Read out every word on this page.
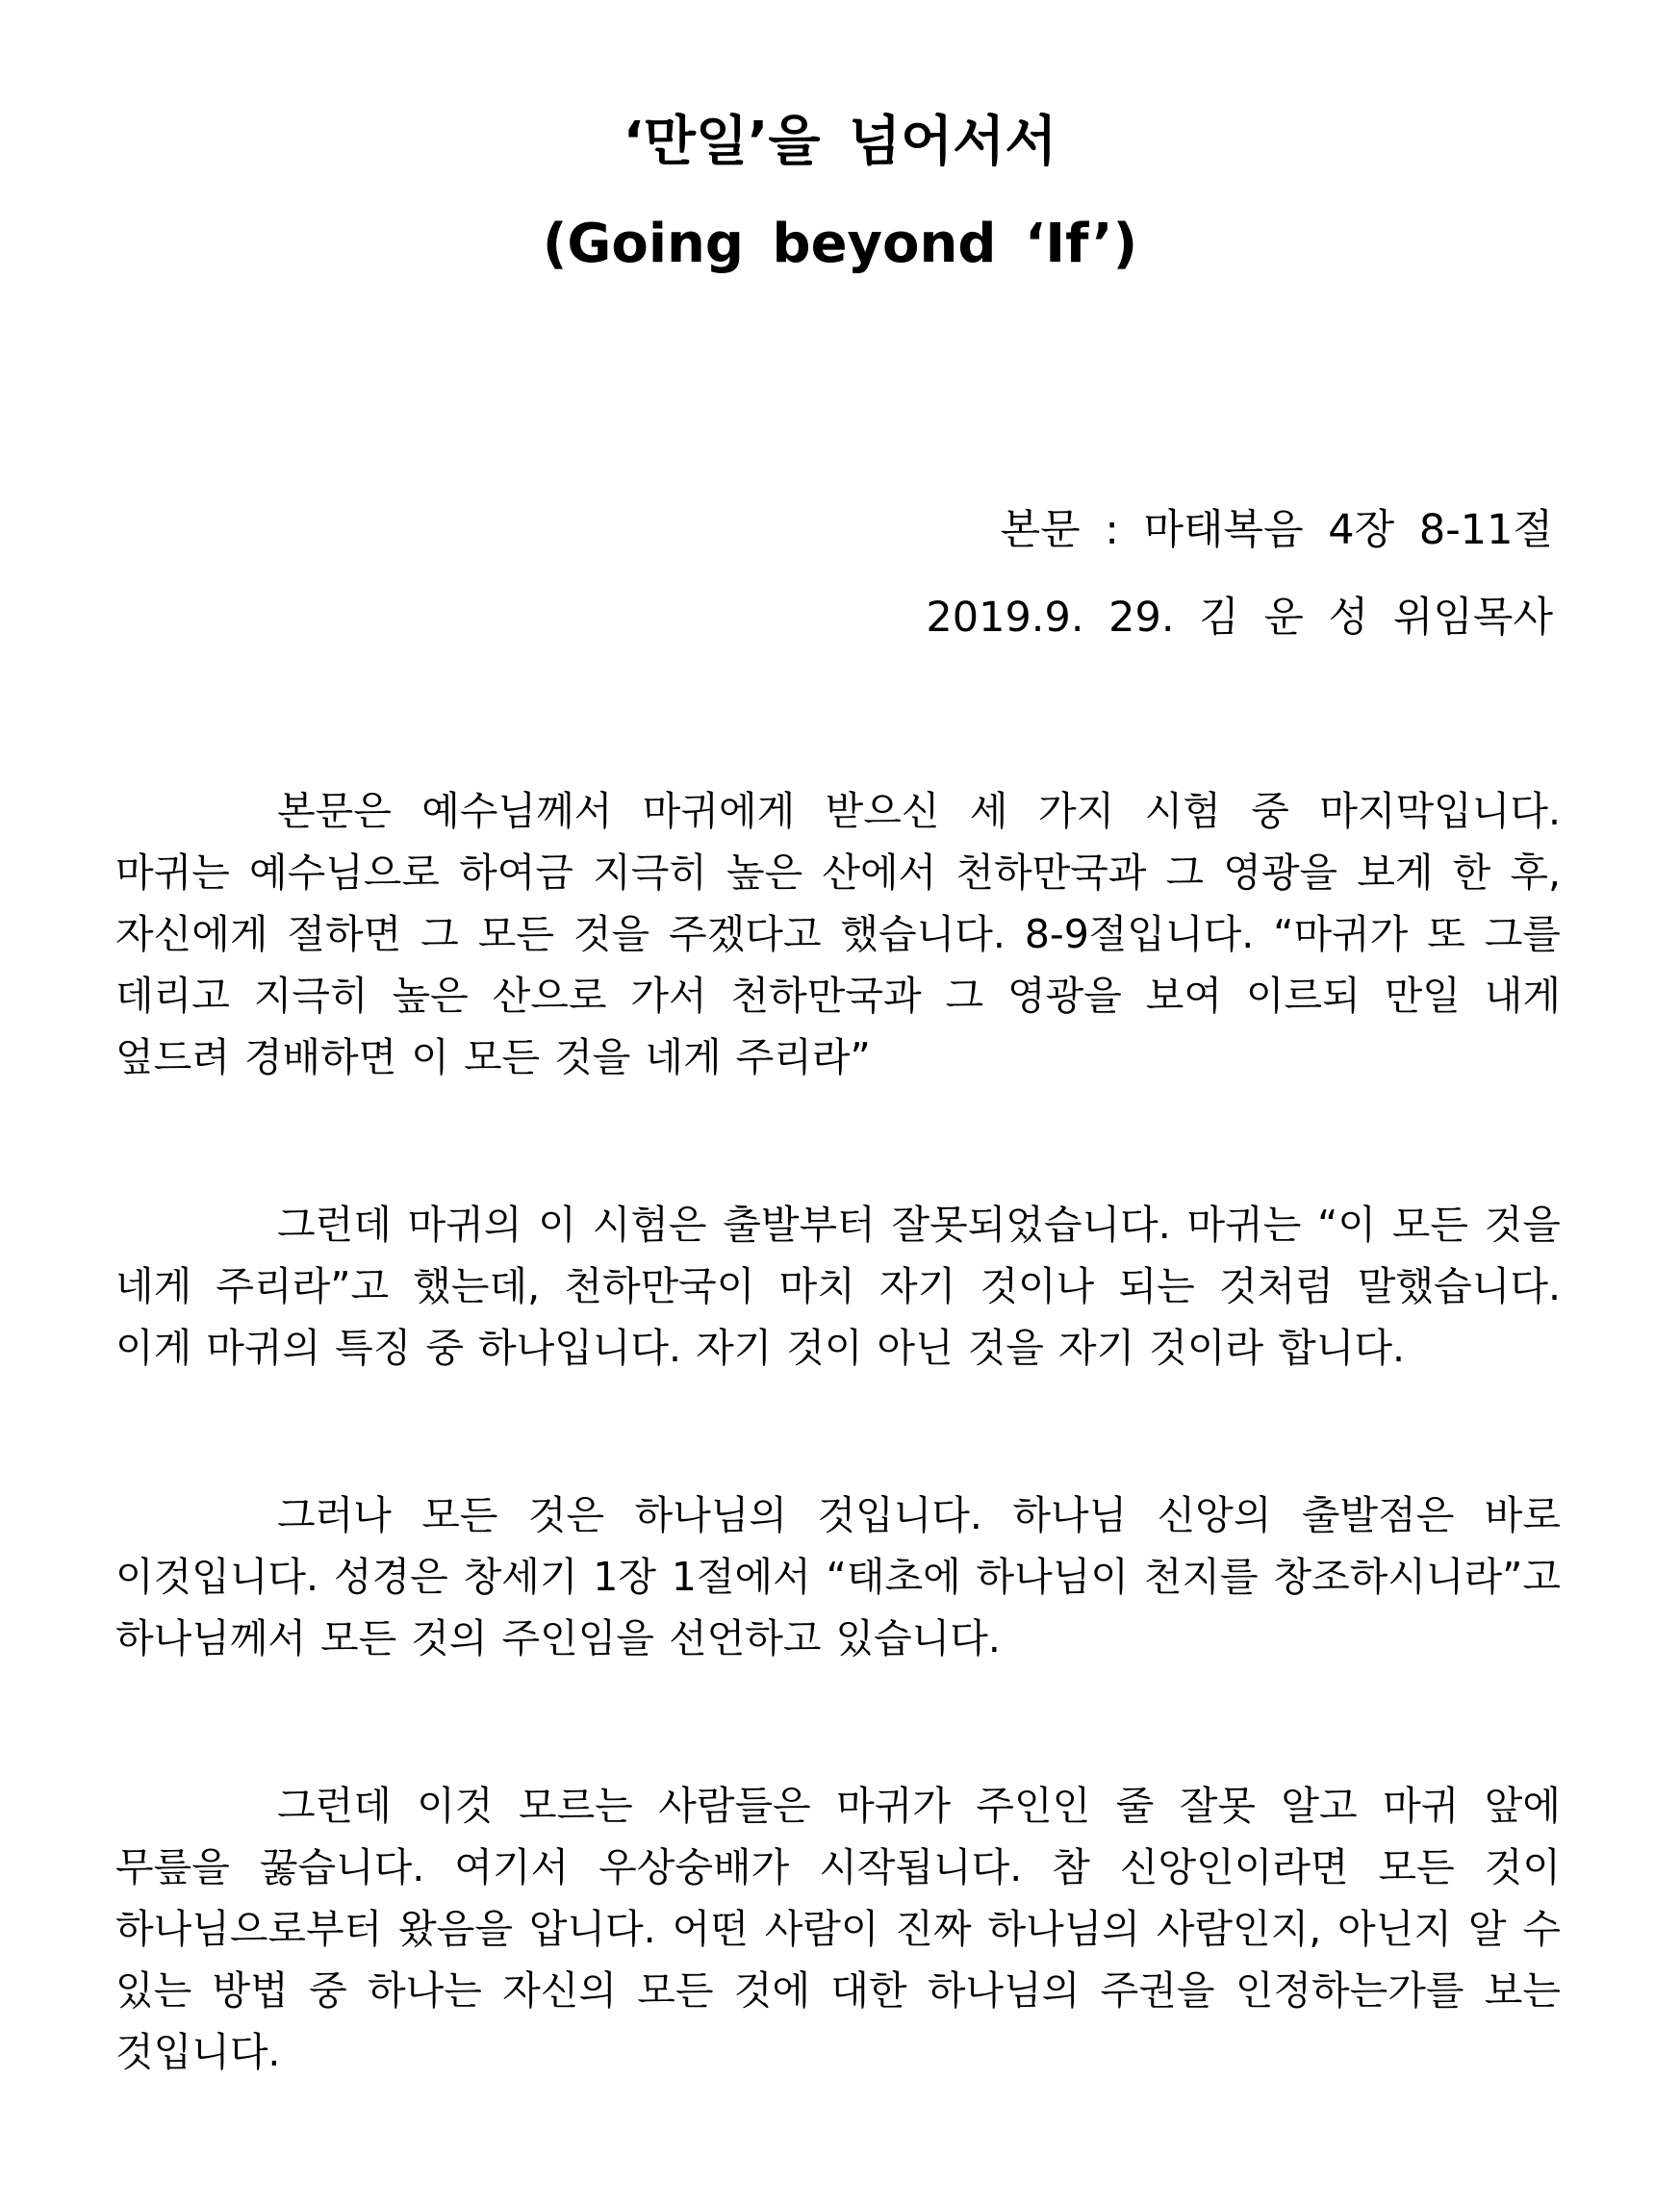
‘만일’을 넘어서서
(Going beyond ‘If’)
본문 : 마태복음 4장 8-11절
2019.9. 29. 김 운 성 위임목사

본문은 예수님께서 마귀에게 받으신 세 가지 시험 중 마지막입니다. 마귀는 예수님으로 하여금 지극히 높은 산에서 천하만국과 그 영광을 보게 한 후, 자신에게 절하면 그 모든 것을 주겠다고 했습니다. 8-9절입니다. “마귀가 또 그를 데리고 지극히 높은 산으로 가서 천하만국과 그 영광을 보여 이르되 만일 내게 엎드려 경배하면 이 모든 것을 네게 주리라”

그런데 마귀의 이 시험은 출발부터 잘못되었습니다. 마귀는 “이 모든 것을 네게 주리라”고 했는데, 천하만국이 마치 자기 것이나 되는 것처럼 말했습니다. 이게 마귀의 특징 중 하나입니다. 자기 것이 아닌 것을 자기 것이라 합니다.

그러나 모든 것은 하나님의 것입니다. 하나님 신앙의 출발점은 바로 이것입니다. 성경은 창세기 1장 1절에서 “태초에 하나님이 천지를 창조하시니라”고 하나님께서 모든 것의 주인임을 선언하고 있습니다.

그런데 이것 모르는 사람들은 마귀가 주인인 줄 잘못 알고 마귀 앞에 무릎을 꿇습니다. 여기서 우상숭배가 시작됩니다. 참 신앙인이라면 모든 것이 하나님으로부터 왔음을 압니다. 어떤 사람이 진짜 하나님의 사람인지, 아닌지 알 수 있는 방법 중 하나는 자신의 모든 것에 대한 하나님의 주권을 인정하는가를 보는 것입니다.
